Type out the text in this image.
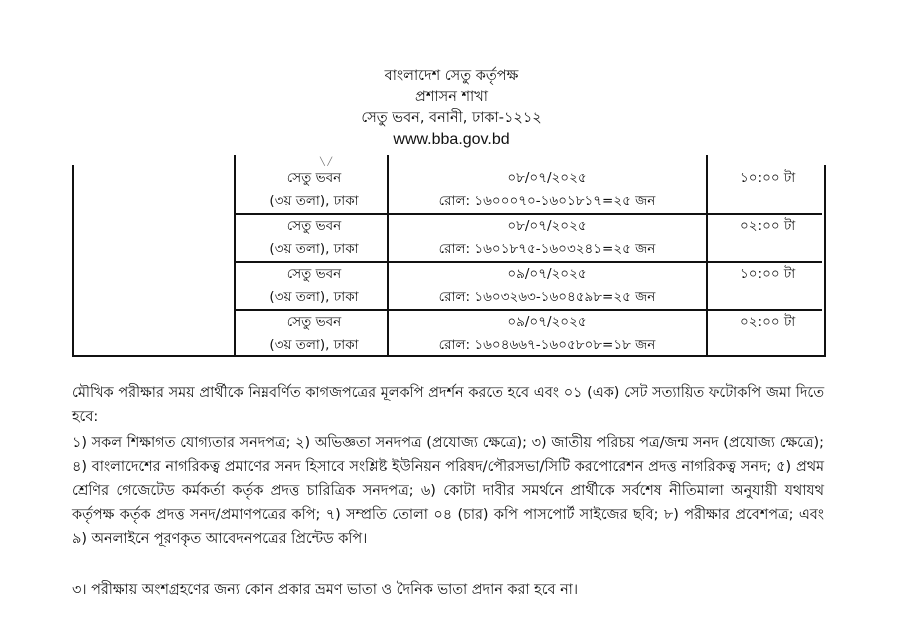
বাংলাদেশ সেতু কর্তৃপক্ষ
প্রশাসন শাখা
সেতু ভবন, বনানী, ঢাকা-১২১২
www.bba.gov.bd
╲ ╱
সেতু ভবন
(৩য় তলা), ঢাকা
০৮/০৭/২০২৫
রোল: ১৬০০০৭০-১৬০১৮১৭=২৫ জন
১০:০০ টা
সেতু ভবন
(৩য় তলা), ঢাকা
০৮/০৭/২০২৫
রোল: ১৬০১৮৭৫-১৬০৩২৪১=২৫ জন
০২:০০ টা
সেতু ভবন
(৩য় তলা), ঢাকা
০৯/০৭/২০২৫
রোল: ১৬০৩২৬৩-১৬০৪৫৯৮=২৫ জন
১০:০০ টা
সেতু ভবন
(৩য় তলা), ঢাকা
০৯/০৭/২০২৫
রোল: ১৬০৪৬৬৭-১৬০৫৮০৮=১৮ জন
০২:০০ টা
মৌখিক পরীক্ষার সময় প্রার্থীকে নিম্নবর্ণিত কাগজপত্রের মূলকপি প্রদর্শন করতে হবে এবং ০১ (এক) সেট সত্যায়িত ফটোকপি জমা দিতে হবে:
১) সকল শিক্ষাগত যোগ্যতার সনদপত্র; ২) অভিজ্ঞতা সনদপত্র (প্রযোজ্য ক্ষেত্রে); ৩) জাতীয় পরিচয় পত্র/জন্ম সনদ (প্রযোজ্য ক্ষেত্রে); ৪) বাংলাদেশের নাগরিকত্ব প্রমাণের সনদ হিসাবে সংশ্লিষ্ট ইউনিয়ন পরিষদ/পৌরসভা/সিটি করপোরেশন প্রদত্ত নাগরিকত্ব সনদ; ৫) প্রথম শ্রেণির গেজেটেড কর্মকর্তা কর্তৃক প্রদত্ত চারিত্রিক সনদপত্র; ৬) কোটা দাবীর সমর্থনে প্রার্থীকে সর্বশেষ নীতিমালা অনুযায়ী যথাযথ কর্তৃপক্ষ কর্তৃক প্রদত্ত সনদ/প্রমাণপত্রের কপি; ৭) সম্প্রতি তোলা ০৪ (চার) কপি পাসপোর্ট সাইজের ছবি; ৮) পরীক্ষার প্রবেশপত্র; এবং ৯) অনলাইনে পূরণকৃত আবেদনপত্রের প্রিন্টেড কপি।
৩। পরীক্ষায় অংশগ্রহণের জন্য কোন প্রকার ভ্রমণ ভাতা ও দৈনিক ভাতা প্রদান করা হবে না।
